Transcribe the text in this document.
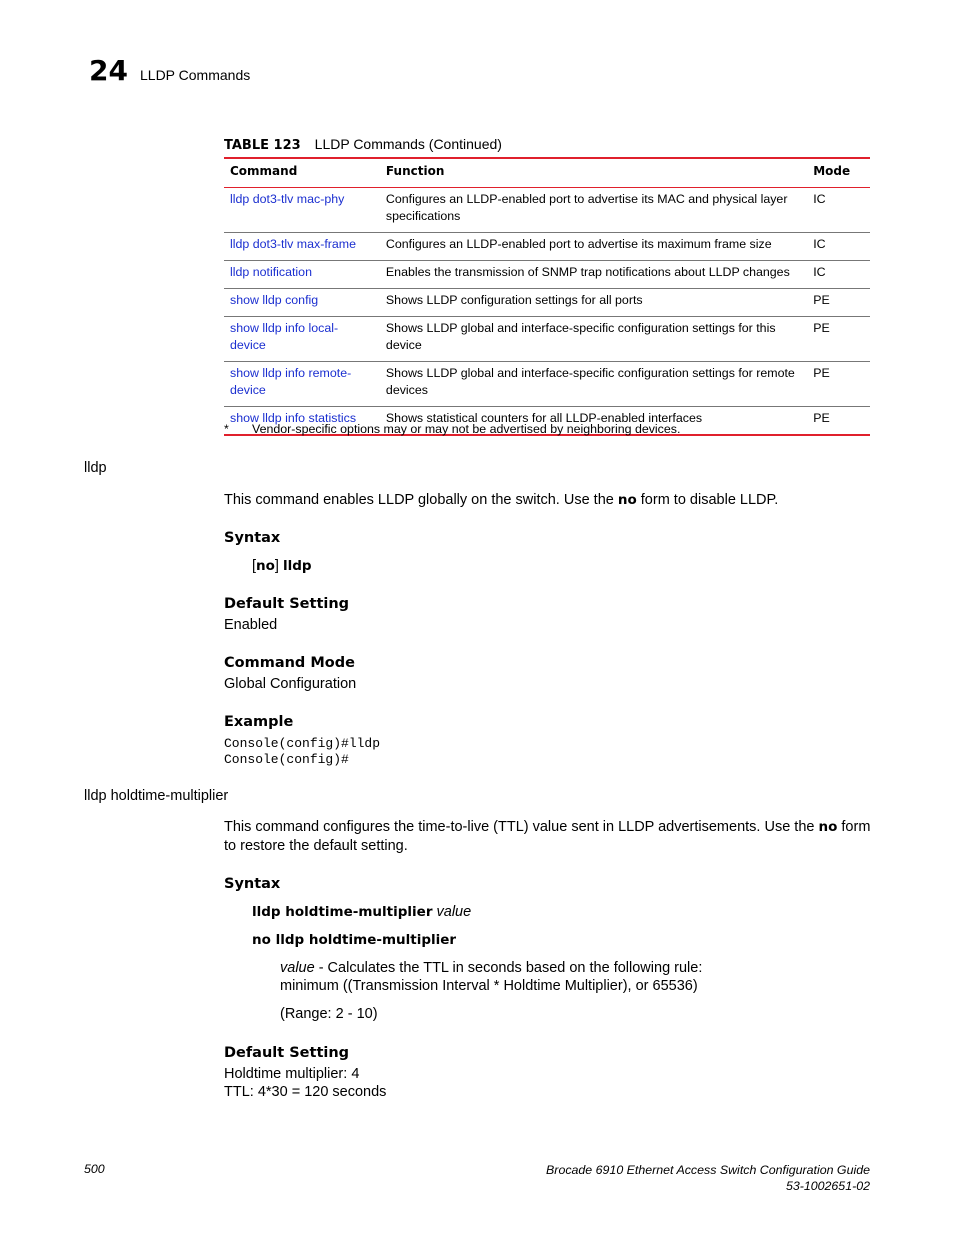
24 LLDP Commands
TABLE 123 LLDP Commands (Continued)
Command	Function	Mode
lldp dot3-tlv mac-phy	Configures an LLDP-enabled port to advertise its MAC and physical layer specifications	IC
lldp dot3-tlv max-frame	Configures an LLDP-enabled port to advertise its maximum frame size	IC
lldp notification	Enables the transmission of SNMP trap notifications about LLDP changes	IC
show lldp config	Shows LLDP configuration settings for all ports	PE
show lldp info local-device	Shows LLDP global and interface-specific configuration settings for this device	PE
show lldp info remote-device	Shows LLDP global and interface-specific configuration settings for remote devices	PE
show lldp info statistics	Shows statistical counters for all LLDP-enabled interfaces	PE
* Vendor-specific options may or may not be advertised by neighboring devices.
lldp
This command enables LLDP globally on the switch. Use the no form to disable LLDP.
Syntax
[no] lldp
Default Setting
Enabled
Command Mode
Global Configuration
Example
Console(config)#lldp
Console(config)#
lldp holdtime-multiplier
This command configures the time-to-live (TTL) value sent in LLDP advertisements. Use the no form
to restore the default setting.
Syntax
lldp holdtime-multiplier value
no lldp holdtime-multiplier
value - Calculates the TTL in seconds based on the following rule:
minimum ((Transmission Interval * Holdtime Multiplier), or 65536)
(Range: 2 - 10)
Default Setting
Holdtime multiplier: 4
TTL: 4*30 = 120 seconds
500	Brocade 6910 Ethernet Access Switch Configuration Guide
53-1002651-02
